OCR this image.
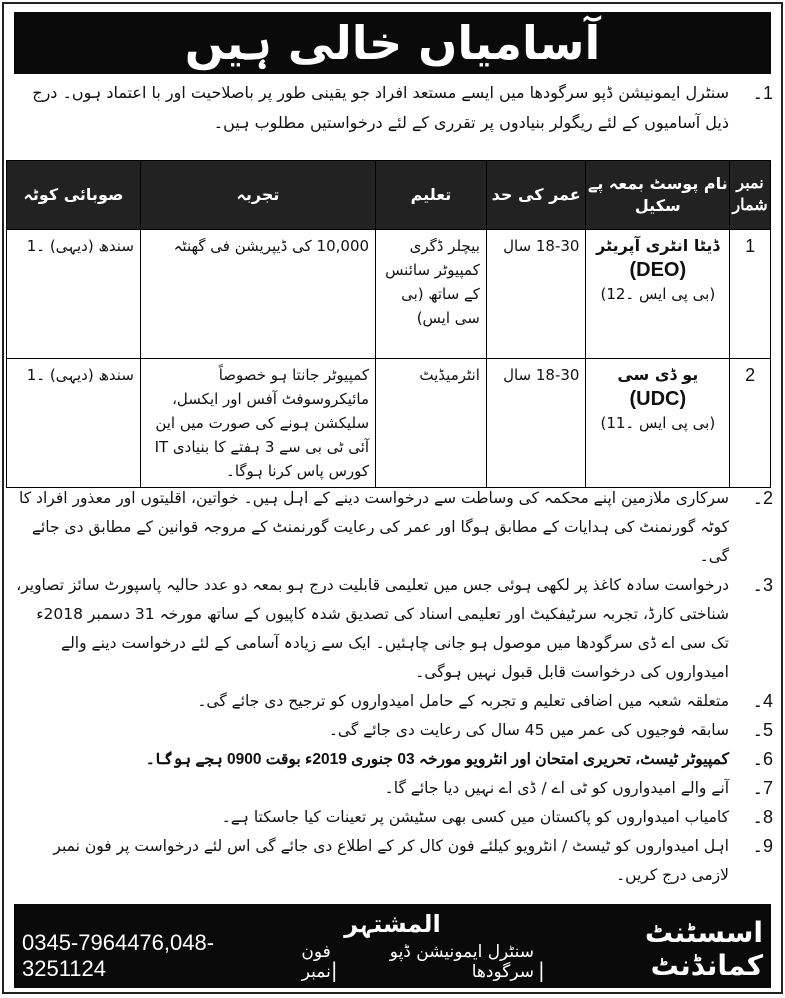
آسامیاں خالی ہیں
1۔
سنٹرل ایمونیشن ڈپو سرگودھا میں ایسے مستعد افراد جو یقینی طور پر باصلاحیت اور با اعتماد ہوں۔ درج ذیل آسامیوں کے لئے ریگولر بنیادوں پر تقرری کے لئے درخواستیں مطلوب ہیں۔
نمبر شمار	نام پوسٹ بمعہ پے سکیل	عمر کی حد	تعلیم	تجربہ	صوبائی کوٹہ
1	ڈیٹا انٹری آپریٹر
(DEO)
(بی پی ایس ۔12)	18-30 سال	بیچلر ڈگری کمپیوٹر سائنس کے ساتھ (بی سی ایس)	10,000 کی ڈیپریشن فی گھنٹہ	سندھ (دیہی) ۔1
2	یو ڈی سی
(UDC)
(بی پی ایس ۔11)	18-30 سال	انٹرمیڈیٹ	کمپیوٹر جانتا ہو خصوصاً مائیکروسوفٹ آفس اور ایکسل، سلیکشن ہونے کی صورت میں این آئی ٹی بی سے 3 ہفتے کا بنیادی IT کورس پاس کرنا ہوگا۔	سندھ (دیہی) ۔1
2۔
سرکاری ملازمین اپنے محکمہ کی وساطت سے درخواست دینے کے اہل ہیں۔ خواتین، اقلیتوں اور معذور افراد کا کوٹہ گورنمنٹ کی ہدایات کے مطابق ہوگا اور عمر کی رعایت گورنمنٹ کے مروجہ قوانین کے مطابق دی جائے گی۔
3۔
درخواست سادہ کاغذ پر لکھی ہوئی جس میں تعلیمی قابلیت درج ہو بمعہ دو عدد حالیہ پاسپورٹ سائز تصاویر، شناختی کارڈ، تجربہ سرٹیفکیٹ اور تعلیمی اسناد کی تصدیق شدہ کاپیوں کے ساتھ مورخہ 31 دسمبر 2018ء تک سی اے ڈی سرگودھا میں موصول ہو جانی چاہئیں۔ ایک سے زیادہ آسامی کے لئے درخواست دینے والے امیدواروں کی درخواست قابل قبول نہیں ہوگی۔
4۔
متعلقہ شعبہ میں اضافی تعلیم و تجربہ کے حامل امیدواروں کو ترجیح دی جائے گی۔
5۔
سابقہ فوجیوں کی عمر میں 45 سال کی رعایت دی جائے گی۔
6۔
کمپیوٹر ٹیسٹ، تحریری امتحان اور انٹرویو مورخہ 03 جنوری 2019ء بوقت 0900 بجے ہوگا۔
7۔
آنے والے امیدواروں کو ٹی اے / ڈی اے نہیں دیا جائے گا۔
8۔
کامیاب امیدواروں کو پاکستان میں کسی بھی سٹیشن پر تعینات کیا جاسکتا ہے۔
9۔
اہل امیدواروں کو ٹیسٹ / انٹرویو کیلئے فون کال کر کے اطلاع دی جائے گی اس لئے درخواست پر فون نمبر لازمی درج کریں۔
المشتہر	اسسٹنٹ کمانڈنٹ
|
سنٹرل ایمونیشن ڈپو سرگودھا
|
فون نمبر
0345-7964476,048-3251124
